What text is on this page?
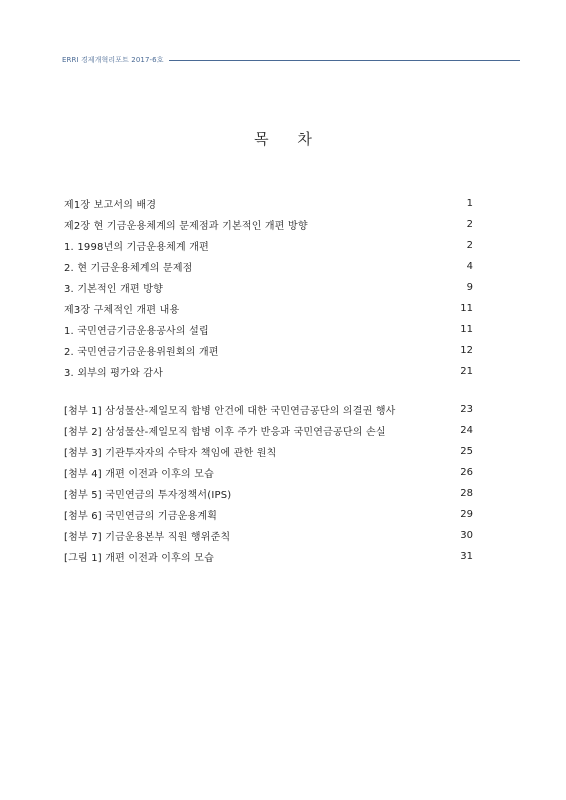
ERRI 경제개혁리포트 2017-6호
목 차
제1장 보고서의 배경	1
제2장 현 기금운용체계의 문제점과 기본적인 개편 방향	2
1. 1998년의 기금운용체계 개편	2
2. 현 기금운용체계의 문제점	4
3. 기본적인 개편 방향	9
제3장 구체적인 개편 내용	11
1. 국민연금기금운용공사의 설립	11
2. 국민연금기금운용위원회의 개편	12
3. 외부의 평가와 감사	21
[첨부 1] 삼성물산-제일모직 합병 안건에 대한 국민연금공단의 의결권 행사	23
[첨부 2] 삼성물산-제일모직 합병 이후 주가 반응과 국민연금공단의 손실	24
[첨부 3] 기관투자자의 수탁자 책임에 관한 원칙	25
[첨부 4] 개편 이전과 이후의 모습	26
[첨부 5] 국민연금의 투자정책서(IPS)	28
[첨부 6] 국민연금의 기금운용계획	29
[첨부 7] 기금운용본부 직원 행위준칙	30
[그림 1] 개편 이전과 이후의 모습	31
